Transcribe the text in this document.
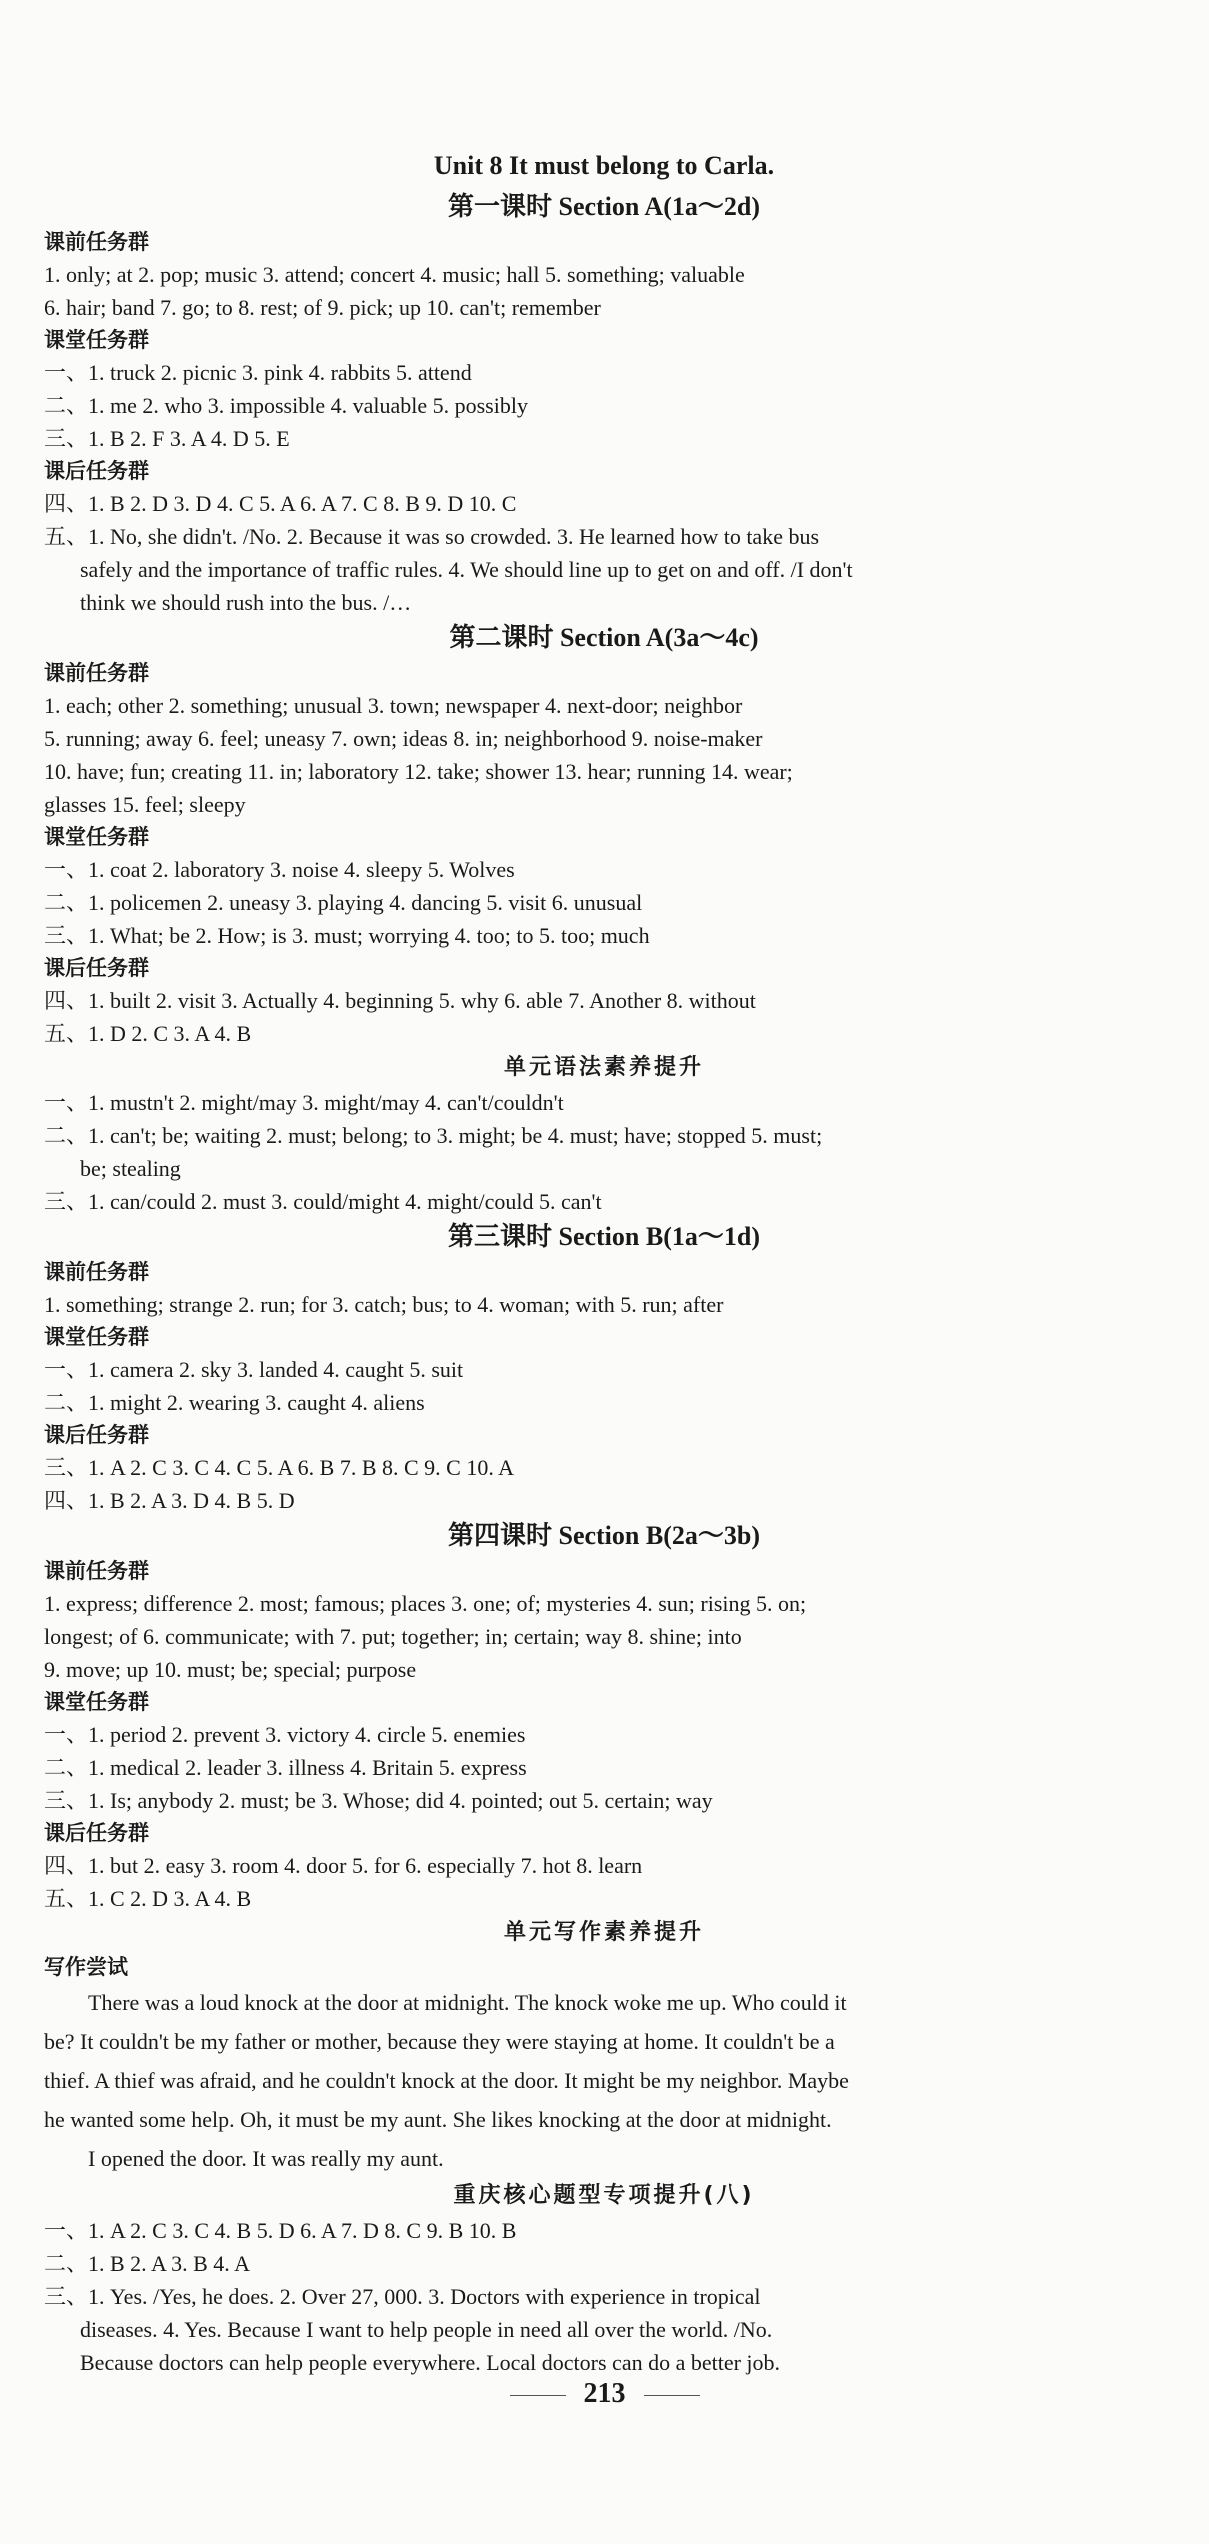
Unit 8 It must belong to Carla.
第一课时 Section A(1a～2d)
课前任务群
1. only; at 2. pop; music 3. attend; concert 4. music; hall 5. something; valuable
6. hair; band 7. go; to 8. rest; of 9. pick; up 10. can't; remember
课堂任务群
一、1. truck 2. picnic 3. pink 4. rabbits 5. attend
二、1. me 2. who 3. impossible 4. valuable 5. possibly
三、1. B 2. F 3. A 4. D 5. E
课后任务群
四、1. B 2. D 3. D 4. C 5. A 6. A 7. C 8. B 9. D 10. C
五、1. No, she didn't. /No. 2. Because it was so crowded. 3. He learned how to take bus
safely and the importance of traffic rules. 4. We should line up to get on and off. /I don't
think we should rush into the bus. /…
第二课时 Section A(3a～4c)
课前任务群
1. each; other 2. something; unusual 3. town; newspaper 4. next-door; neighbor
5. running; away 6. feel; uneasy 7. own; ideas 8. in; neighborhood 9. noise-maker
10. have; fun; creating 11. in; laboratory 12. take; shower 13. hear; running 14. wear;
glasses 15. feel; sleepy
课堂任务群
一、1. coat 2. laboratory 3. noise 4. sleepy 5. Wolves
二、1. policemen 2. uneasy 3. playing 4. dancing 5. visit 6. unusual
三、1. What; be 2. How; is 3. must; worrying 4. too; to 5. too; much
课后任务群
四、1. built 2. visit 3. Actually 4. beginning 5. why 6. able 7. Another 8. without
五、1. D 2. C 3. A 4. B
单元语法素养提升
一、1. mustn't 2. might/may 3. might/may 4. can't/couldn't
二、1. can't; be; waiting 2. must; belong; to 3. might; be 4. must; have; stopped 5. must;
be; stealing
三、1. can/could 2. must 3. could/might 4. might/could 5. can't
第三课时 Section B(1a～1d)
课前任务群
1. something; strange 2. run; for 3. catch; bus; to 4. woman; with 5. run; after
课堂任务群
一、1. camera 2. sky 3. landed 4. caught 5. suit
二、1. might 2. wearing 3. caught 4. aliens
课后任务群
三、1. A 2. C 3. C 4. C 5. A 6. B 7. B 8. C 9. C 10. A
四、1. B 2. A 3. D 4. B 5. D
第四课时 Section B(2a～3b)
课前任务群
1. express; difference 2. most; famous; places 3. one; of; mysteries 4. sun; rising 5. on;
longest; of 6. communicate; with 7. put; together; in; certain; way 8. shine; into
9. move; up 10. must; be; special; purpose
课堂任务群
一、1. period 2. prevent 3. victory 4. circle 5. enemies
二、1. medical 2. leader 3. illness 4. Britain 5. express
三、1. Is; anybody 2. must; be 3. Whose; did 4. pointed; out 5. certain; way
课后任务群
四、1. but 2. easy 3. room 4. door 5. for 6. especially 7. hot 8. learn
五、1. C 2. D 3. A 4. B
单元写作素养提升
写作尝试
There was a loud knock at the door at midnight. The knock woke me up. Who could it
be? It couldn't be my father or mother, because they were staying at home. It couldn't be a
thief. A thief was afraid, and he couldn't knock at the door. It might be my neighbor. Maybe
he wanted some help. Oh, it must be my aunt. She likes knocking at the door at midnight.
I opened the door. It was really my aunt.
重庆核心题型专项提升(八)
一、1. A 2. C 3. C 4. B 5. D 6. A 7. D 8. C 9. B 10. B
二、1. B 2. A 3. B 4. A
三、1. Yes. /Yes, he does. 2. Over 27, 000. 3. Doctors with experience in tropical
diseases. 4. Yes. Because I want to help people in need all over the world. /No.
Because doctors can help people everywhere. Local doctors can do a better job.
213
